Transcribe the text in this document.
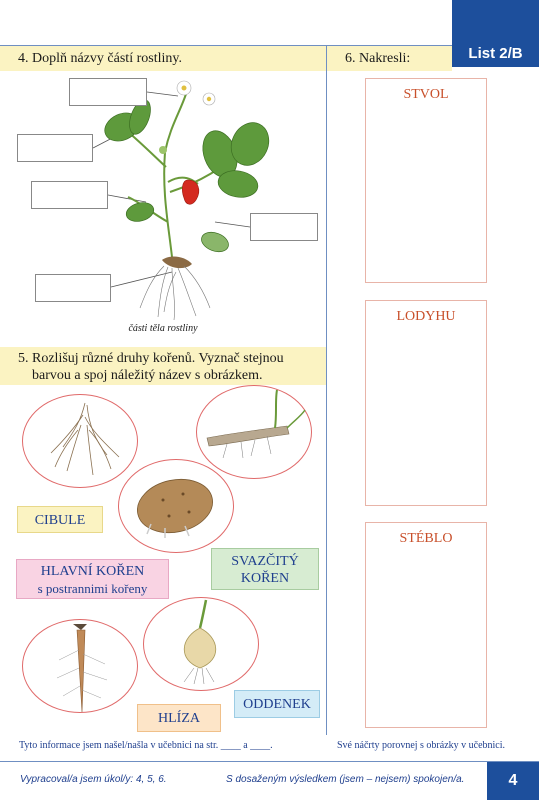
List 2/B
4. Doplň názvy částí rostliny.	6. Nakresli:
části těla rostliny
5. Rozlišuj různé druhy kořenů. Vyznač stejnou
barvou a spoj náležitý název s obrázkem.
CIBULE
HLAVNÍ KOŘEN
s postrannimi kořeny
SVAZČITÝ
KOŘEN
HLÍZA
ODDENEK
Tyto informace jsem našel/našla v učebnici na str. ____ a ____.
STVOL
LODYHU
STÉBLO
Své náčrty porovnej s obrázky v učebnici.
Vypracoval/a jsem úkol/y: 4, 5, 6.	S dosaženým výsledkem (jsem – nejsem) spokojen/a.	4
